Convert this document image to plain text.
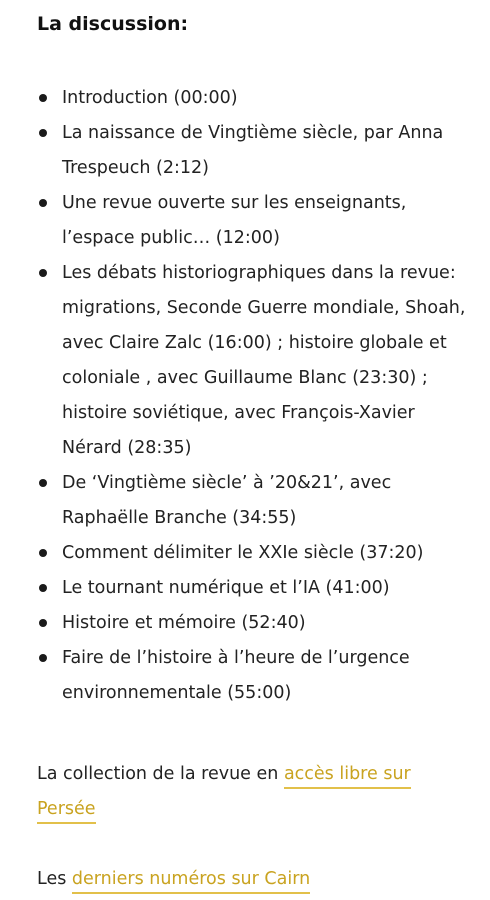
La discussion:
Introduction (00:00)
La naissance de Vingtième siècle, par Anna Trespeuch (2:12)
Une revue ouverte sur les enseignants, l’espace public… (12:00)
Les débats historiographiques dans la revue: migrations, Seconde Guerre mondiale, Shoah, avec Claire Zalc (16:00) ; histoire globale et coloniale , avec Guillaume Blanc (23:30) ; histoire soviétique, avec François-Xavier Nérard (28:35)
De ‘Vingtième siècle’ à ’20&21’, avec Raphaëlle Branche (34:55)
Comment délimiter le XXIe siècle (37:20)
Le tournant numérique et l’IA (41:00)
Histoire et mémoire (52:40)
Faire de l’histoire à l’heure de l’urgence environnementale (55:00)

La collection de la revue en accès libre sur Persée

Les derniers numéros sur Cairn
